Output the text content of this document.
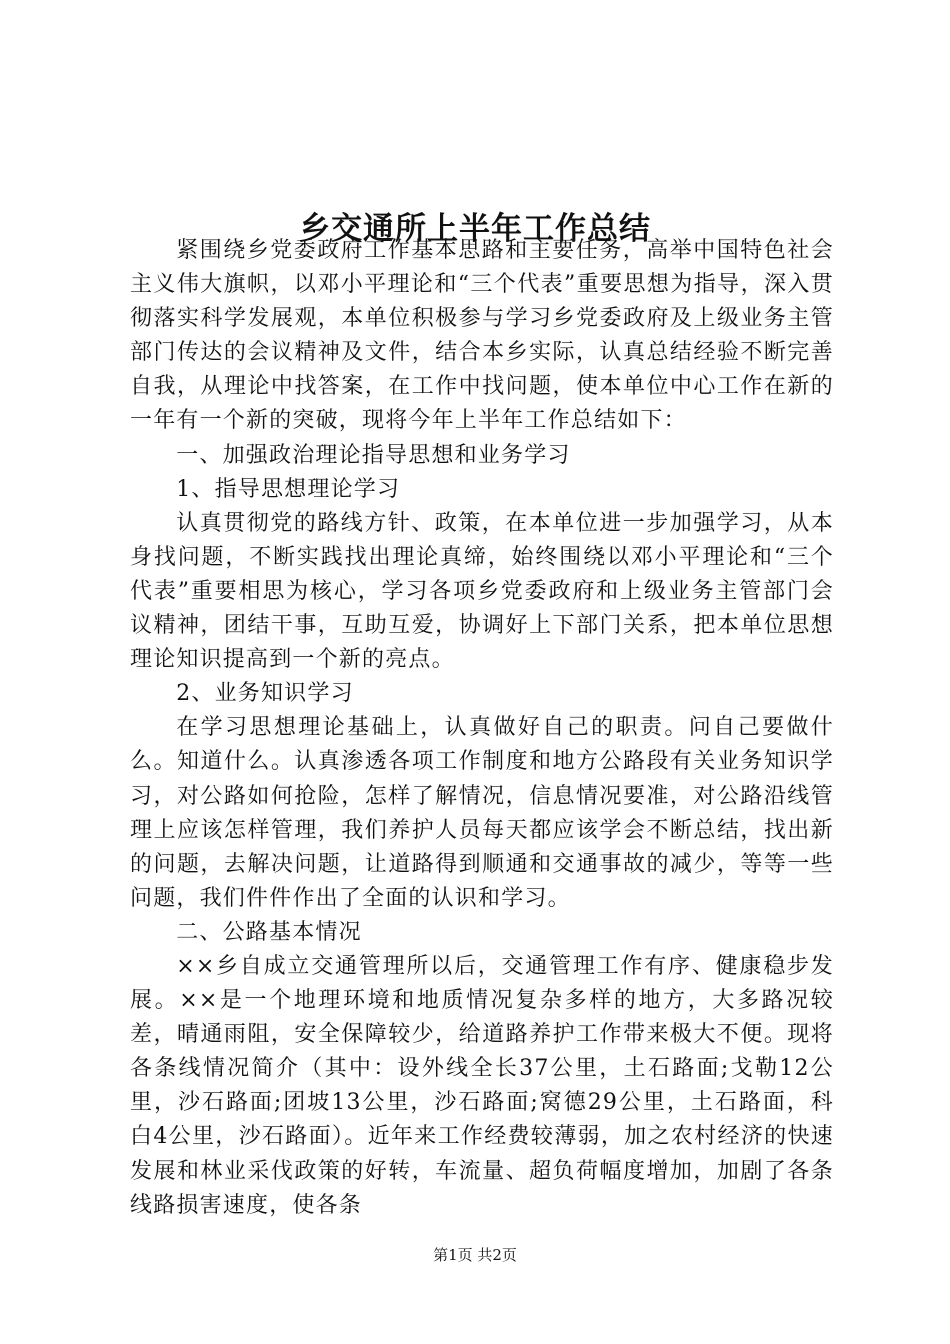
乡交通所上半年工作总结

紧围绕乡党委政府工作基本思路和主要任务，高举中国特色社会主义伟大旗帜，以邓小平理论和“三个代表”重要思想为指导，深入贯彻落实科学发展观，本单位积极参与学习乡党委政府及上级业务主管部门传达的会议精神及文件，结合本乡实际，认真总结经验不断完善自我，从理论中找答案，在工作中找问题，使本单位中心工作在新的一年有一个新的突破，现将今年上半年工作总结如下：

一、加强政治理论指导思想和业务学习

1、指导思想理论学习

认真贯彻党的路线方针、政策，在本单位进一步加强学习，从本身找问题，不断实践找出理论真缔，始终围绕以邓小平理论和“三个代表”重要相思为核心，学习各项乡党委政府和上级业务主管部门会议精神，团结干事，互助互爱，协调好上下部门关系，把本单位思想理论知识提高到一个新的亮点。

2、业务知识学习

在学习思想理论基础上，认真做好自己的职责。问自己要做什么。知道什么。认真渗透各项工作制度和地方公路段有关业务知识学习，对公路如何抢险，怎样了解情况，信息情况要准，对公路沿线管理上应该怎样管理，我们养护人员每天都应该学会不断总结，找出新的问题，去解决问题，让道路得到顺通和交通事故的减少，等等一些问题，我们件件作出了全面的认识和学习。

二、公路基本情况

××乡自成立交通管理所以后，交通管理工作有序、健康稳步发展。××是一个地理环境和地质情况复杂多样的地方，大多路况较差，晴通雨阻，安全保障较少，给道路养护工作带来极大不便。现将各条线情况简介（其中：设外线全长37公里，土石路面;戈勒12公里，沙石路面;团坡13公里，沙石路面;窝德29公里，土石路面，科白4公里，沙石路面）。近年来工作经费较薄弱，加之农村经济的快速发展和林业采伐政策的好转，车流量、超负荷幅度增加，加剧了各条线路损害速度，使各条

第1页 共2页
